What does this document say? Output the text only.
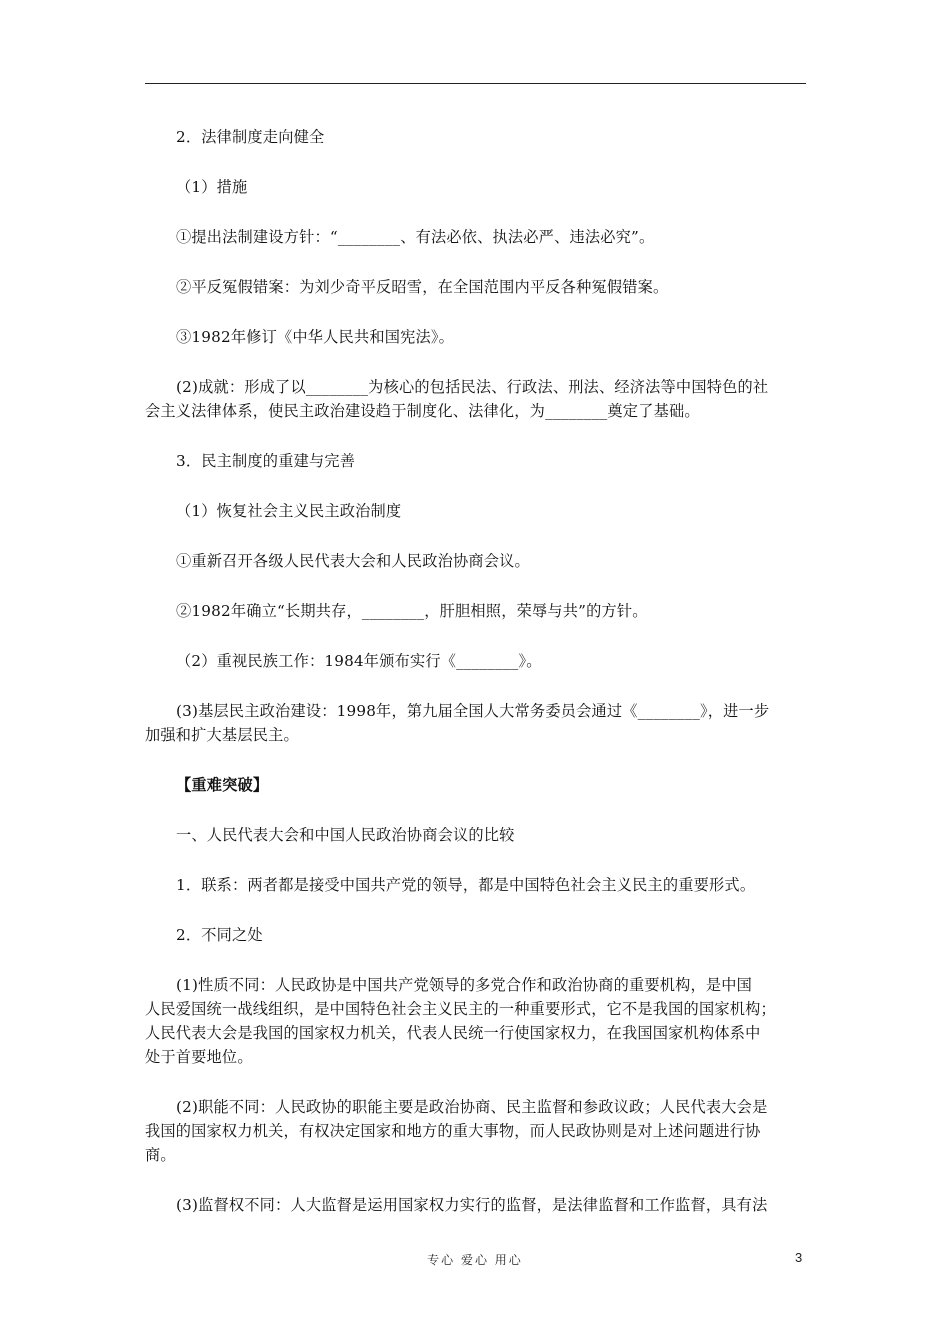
2．法律制度走向健全
（1）措施
①提出法制建设方针：“________、有法必依、执法必严、违法必究”。
②平反冤假错案：为刘少奇平反昭雪，在全国范围内平反各种冤假错案。
③1982年修订《中华人民共和国宪法》。
(2)成就：形成了以________为核心的包括民法、行政法、刑法、经济法等中国特色的社
会主义法律体系，使民主政治建设趋于制度化、法律化，为________奠定了基础。
3．民主制度的重建与完善
（1）恢复社会主义民主政治制度
①重新召开各级人民代表大会和人民政治协商会议。
②1982年确立“长期共存，________，肝胆相照，荣辱与共”的方针。
（2）重视民族工作：1984年颁布实行《________》。
(3)基层民主政治建设：1998年，第九届全国人大常务委员会通过《________》，进一步
加强和扩大基层民主。
【重难突破】
一、人民代表大会和中国人民政治协商会议的比较
1．联系：两者都是接受中国共产党的领导，都是中国特色社会主义民主的重要形式。
2．不同之处
(1)性质不同：人民政协是中国共产党领导的多党合作和政治协商的重要机构，是中国
人民爱国统一战线组织，是中国特色社会主义民主的一种重要形式，它不是我国的国家机构；
人民代表大会是我国的国家权力机关，代表人民统一行使国家权力，在我国国家机构体系中
处于首要地位。
(2)职能不同：人民政协的职能主要是政治协商、民主监督和参政议政；人民代表大会是
我国的国家权力机关，有权决定国家和地方的重大事物，而人民政协则是对上述问题进行协
商。
(3)监督权不同：人大监督是运用国家权力实行的监督，是法律监督和工作监督，具有法
专心 爱心 用心	3
